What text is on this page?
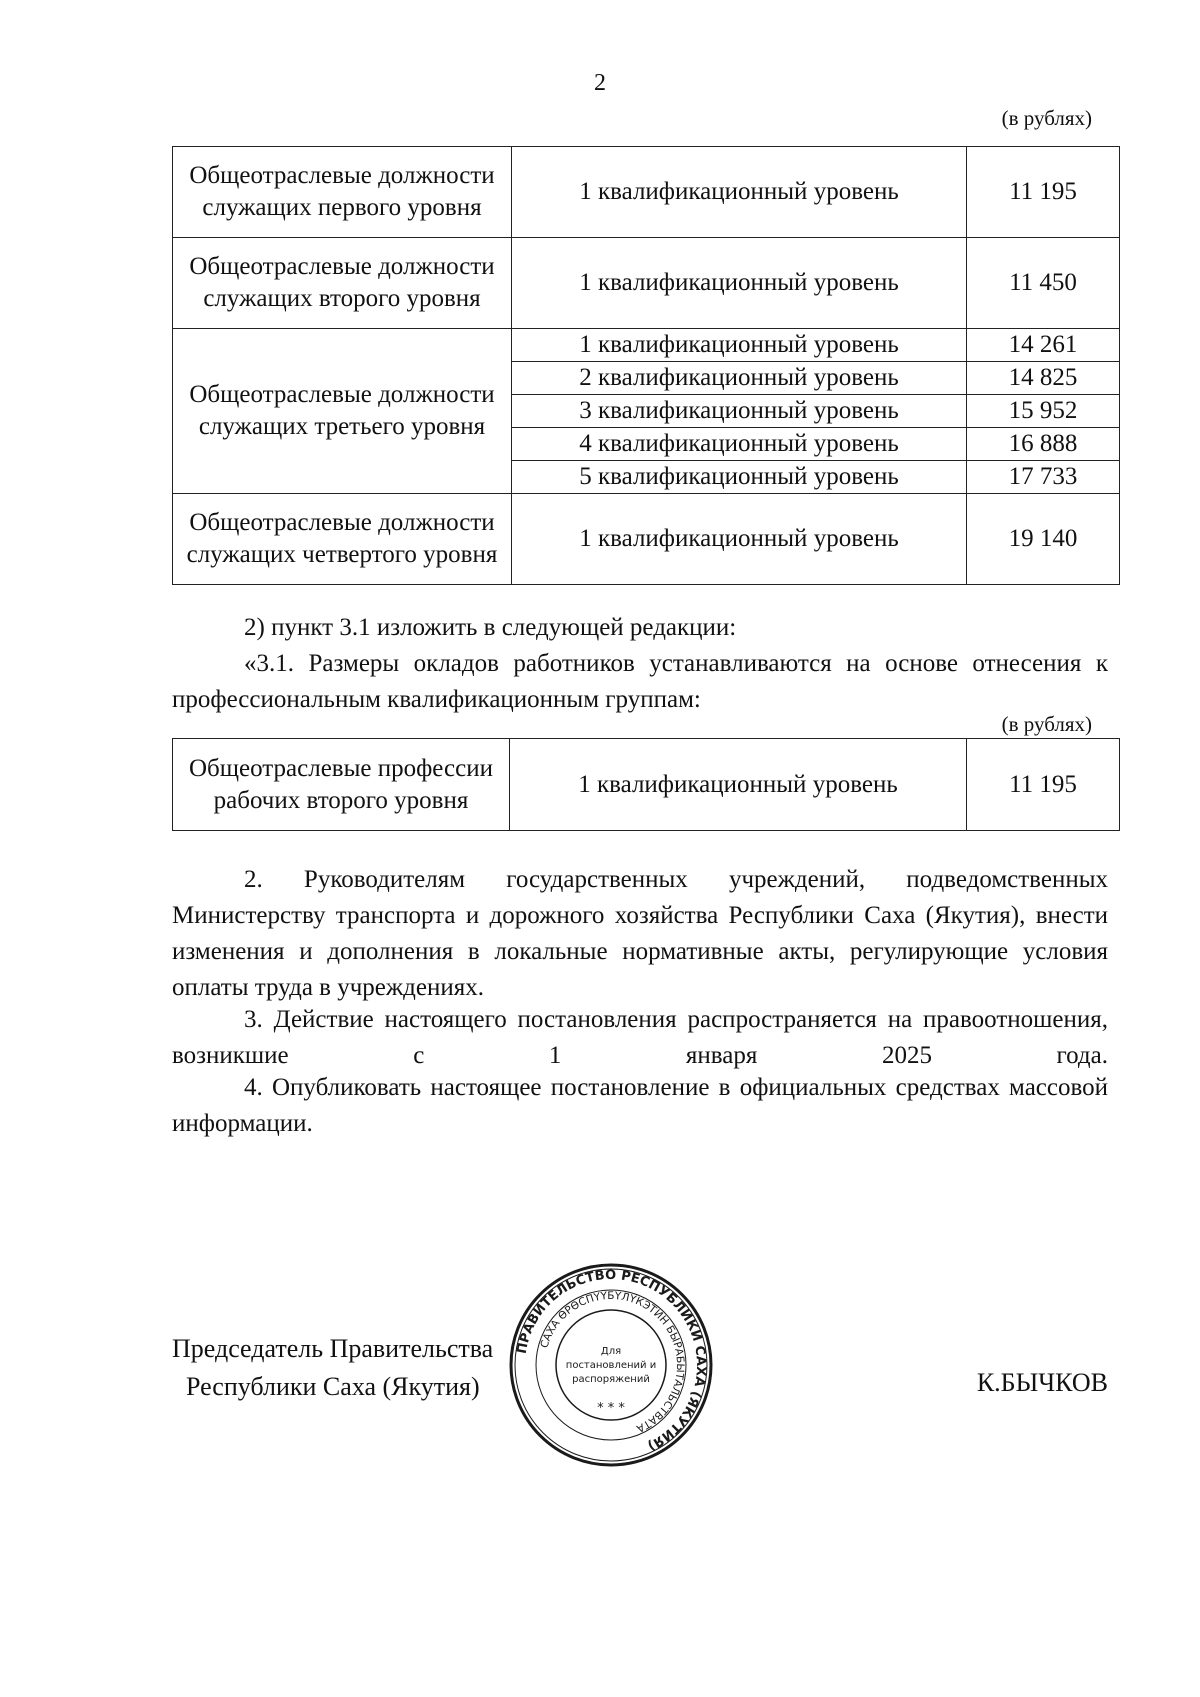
2
(в рублях)
Общеотраслевые должности служащих первого уровня	1 квалификационный уровень	11 195
Общеотраслевые должности служащих второго уровня	1 квалификационный уровень	11 450
Общеотраслевые должности служащих третьего уровня	1 квалификационный уровень	14 261
	2 квалификационный уровень	14 825
	3 квалификационный уровень	15 952
	4 квалификационный уровень	16 888
	5 квалификационный уровень	17 733
Общеотраслевые должности служащих четвертого уровня	1 квалификационный уровень	19 140
2) пункт 3.1 изложить в следующей редакции:
«3.1. Размеры окладов работников устанавливаются на основе отнесения к профессиональным квалификационным группам:
(в рублях)
Общеотраслевые профессии рабочих второго уровня	1 квалификационный уровень	11 195
2. Руководителям государственных учреждений, подведомственных Министерству транспорта и дорожного хозяйства Республики Саха (Якутия), внести изменения и дополнения в локальные нормативные акты, регулирующие условия оплаты труда в учреждениях.
3. Действие настоящего постановления распространяется на правоотношения, возникшие с 1 января 2025 года.
4. Опубликовать настоящее постановление в официальных средствах массовой информации.
Председатель Правительства
Республики Саха (Якутия)	К.БЫЧКОВ
ПРАВИТЕЛЬСТВО РЕСПУБЛИКИ САХА (ЯКУТИЯ)
САХА ӨРӨСПYYБYЛYКЭТИН БЫРАБЫТАЛЬСТВАТА
Для
постановлений и
распоряжений
* * *
